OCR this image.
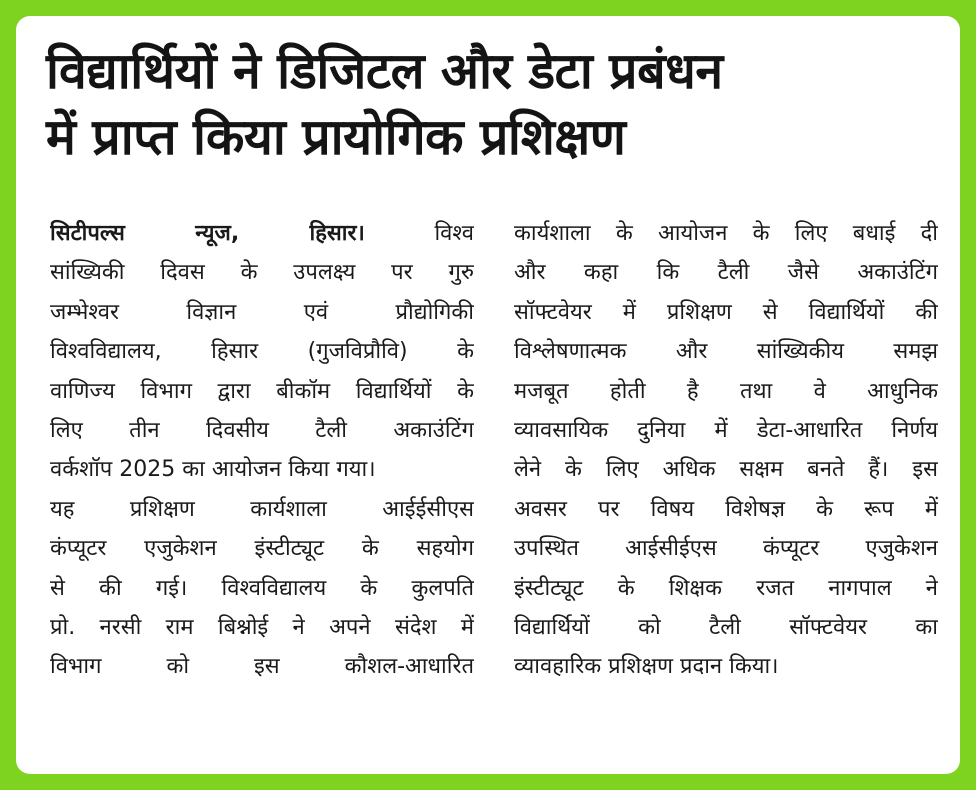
विद्यार्थियों ने डिजिटल और डेटा प्रबंधन
में प्राप्त किया प्रायोगिक प्रशिक्षण
सिटीपल्स न्यूज, हिसार। विश्व
सांख्यिकी दिवस के उपलक्ष्य पर गुरु
जम्भेश्वर विज्ञान एवं प्रौद्योगिकी
विश्वविद्यालय, हिसार (गुजविप्रौवि) के
वाणिज्य विभाग द्वारा बीकॉम विद्यार्थियों के
लिए तीन दिवसीय टैली अकाउंटिंग
वर्कशॉप 2025 का आयोजन किया गया।
यह प्रशिक्षण कार्यशाला आईईसीएस
कंप्यूटर एजुकेशन इंस्टीट्यूट के सहयोग
से की गई। विश्वविद्यालय के कुलपति
प्रो. नरसी राम बिश्नोई ने अपने संदेश में
विभाग को इस कौशल-आधारित
कार्यशाला के आयोजन के लिए बधाई दी
और कहा कि टैली जैसे अकाउंटिंग
सॉफ्टवेयर में प्रशिक्षण से विद्यार्थियों की
विश्लेषणात्मक और सांख्यिकीय समझ
मजबूत होती है तथा वे आधुनिक
व्यावसायिक दुनिया में डेटा-आधारित निर्णय
लेने के लिए अधिक सक्षम बनते हैं। इस
अवसर पर विषय विशेषज्ञ के रूप में
उपस्थित आईसीईएस कंप्यूटर एजुकेशन
इंस्टीट्यूट के शिक्षक रजत नागपाल ने
विद्यार्थियों को टैली सॉफ्टवेयर का
व्यावहारिक प्रशिक्षण प्रदान किया।
